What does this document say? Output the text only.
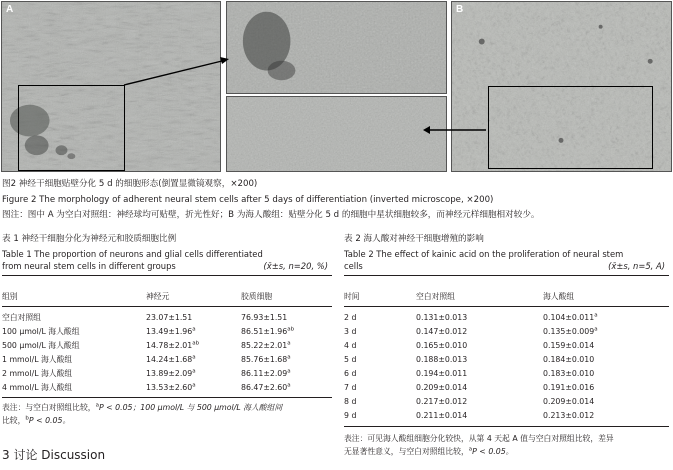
A	B
图2 神经干细胞贴壁分化 5 d 的细胞形态(倒置显微镜观察，×200)
Figure 2 The morphology of adherent neural stem cells after 5 days of differentiation (inverted microscope, ×200)
图注：图中 A 为空白对照组：神经球均可贴壁，折光性好；B 为海人酸组：贴壁分化 5 d 的细胞中星状细胞较多，而神经元样细胞相对较少。
表 1 神经干细胞分化为神经元和胶质细胞比例
Table 1 The proportion of neurons and glial cells differentiated
from neural stem cells in different groups	(x̄±s, n=20, %)
组别	神经元	胶质细胞
空白对照组	23.07±1.51	76.93±1.51
100 μmol/L 海人酸组	13.49±1.96$^a$	86.51±1.96$^{ab}$
500 μmol/L 海人酸组	14.78±2.01$^{ab}$	85.22±2.01$^a$
1 mmol/L 海人酸组	14.24±1.68$^a$	85.76±1.68$^a$
2 mmol/L 海人酸组	13.89±2.09$^a$	86.11±2.09$^a$
4 mmol/L 海人酸组	13.53±2.60$^a$	86.47±2.60$^a$
表注：与空白对照组比较，$^a$P < 0.05；100 μmol/L 与 500 μmol/L 海人酸组间
比较，$^b$P < 0.05。
表 2 海人酸对神经干细胞增殖的影响
Table 2 The effect of kainic acid on the proliferation of neural stem
cells	(x̄±s, n=5, A)
时间	空白对照组	海人酸组
2 d	0.131±0.013	0.104±0.011$^a$
3 d	0.147±0.012	0.135±0.009$^a$
4 d	0.165±0.010	0.159±0.014
5 d	0.188±0.013	0.184±0.010
6 d	0.194±0.011	0.183±0.010
7 d	0.209±0.014	0.191±0.016
8 d	0.217±0.012	0.209±0.014
9 d	0.211±0.014	0.213±0.012
表注：可见海人酸组细胞分化较快，从第 4 天起 A 值与空白对照组比较，差异
无显著性意义，与空白对照组比较，$^a$P < 0.05。
3 讨论 Discussion
